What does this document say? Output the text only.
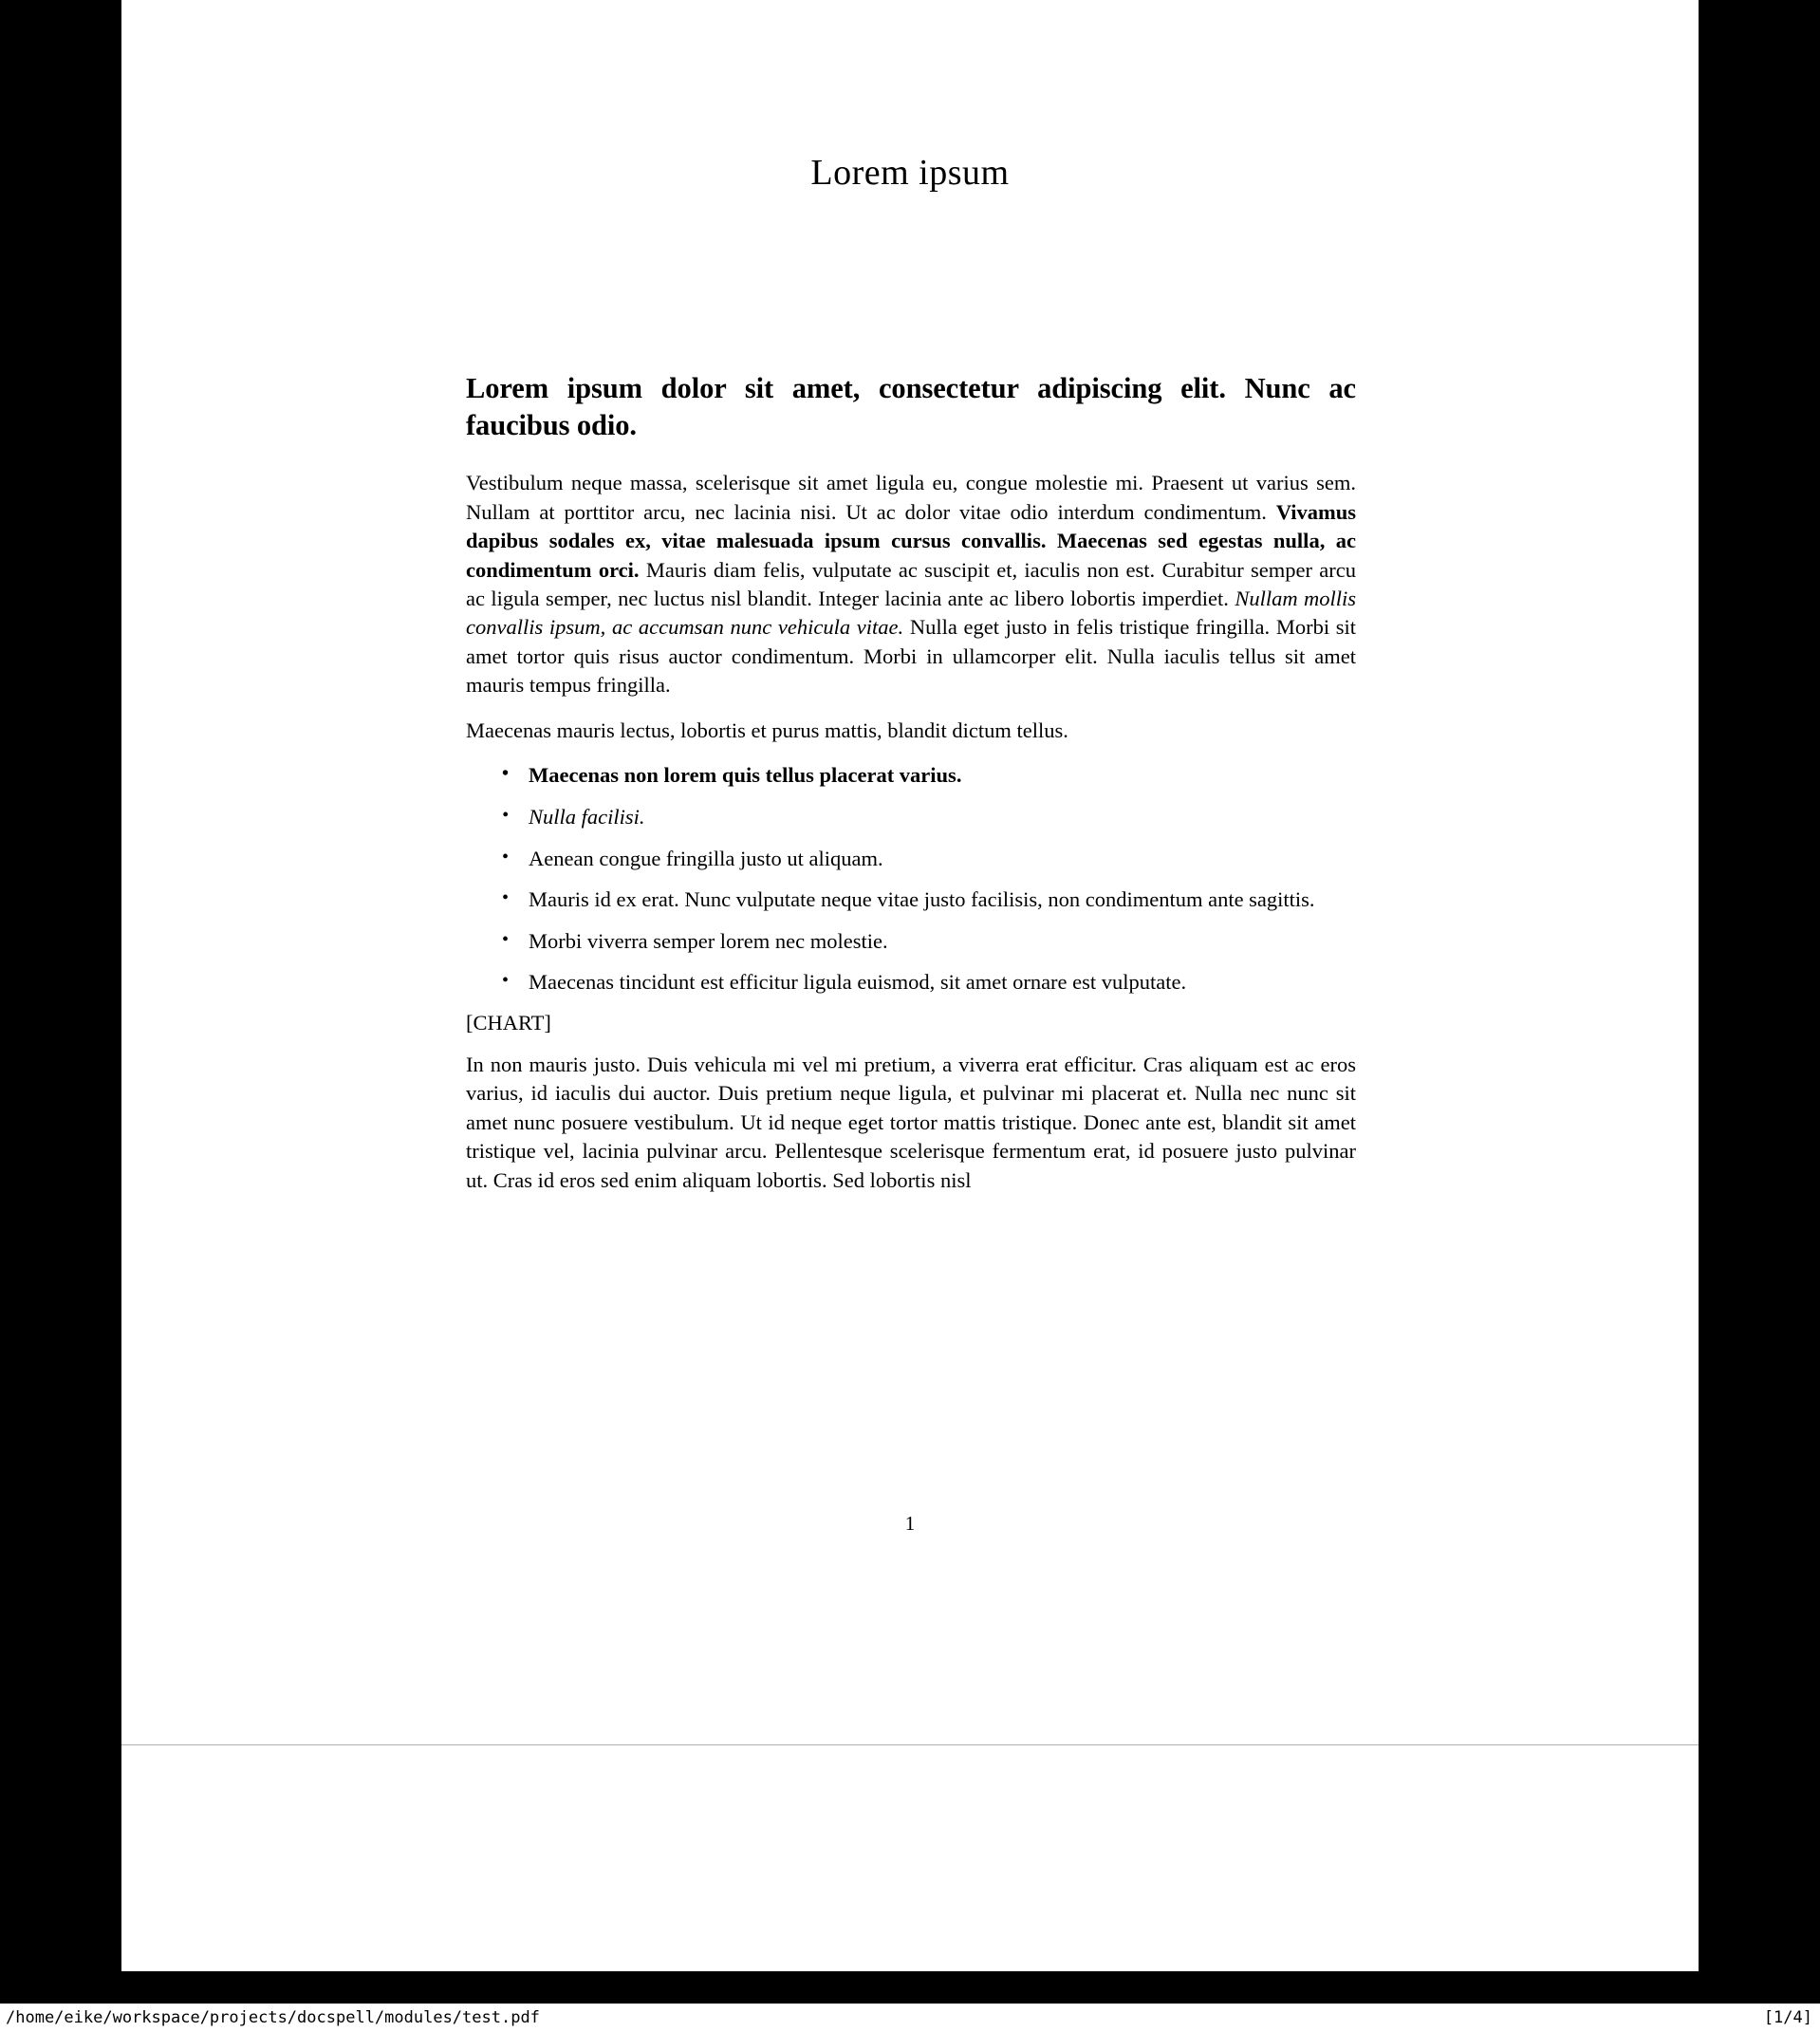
Lorem ipsum
Lorem ipsum dolor sit amet, consectetur adipiscing elit. Nunc ac faucibus odio.

Vestibulum neque massa, scelerisque sit amet ligula eu, congue molestie mi. Praesent ut varius sem. Nullam at porttitor arcu, nec lacinia nisi. Ut ac dolor vitae odio interdum condimentum. Vivamus dapibus sodales ex, vitae malesuada ipsum cursus convallis. Maecenas sed egestas nulla, ac condimentum orci. Mauris diam felis, vulputate ac suscipit et, iaculis non est. Curabitur semper arcu ac ligula semper, nec luctus nisl blandit. Integer lacinia ante ac libero lobortis imperdiet. Nullam mollis convallis ipsum, ac accumsan nunc vehicula vitae. Nulla eget justo in felis tristique fringilla. Morbi sit amet tortor quis risus auctor condimentum. Morbi in ullamcorper elit. Nulla iaculis tellus sit amet mauris tempus fringilla.

Maecenas mauris lectus, lobortis et purus mattis, blandit dictum tellus.

• Maecenas non lorem quis tellus placerat varius.
• Nulla facilisi.
• Aenean congue fringilla justo ut aliquam.
• Mauris id ex erat. Nunc vulputate neque vitae justo facilisis, non condimentum ante sagittis.
• Morbi viverra semper lorem nec molestie.
• Maecenas tincidunt est efficitur ligula euismod, sit amet ornare est vulputate.
[CHART]

In non mauris justo. Duis vehicula mi vel mi pretium, a viverra erat efficitur. Cras aliquam est ac eros varius, id iaculis dui auctor. Duis pretium neque ligula, et pulvinar mi placerat et. Nulla nec nunc sit amet nunc posuere vestibulum. Ut id neque eget tortor mattis tristique. Donec ante est, blandit sit amet tristique vel, lacinia pulvinar arcu. Pellentesque scelerisque fermentum erat, id posuere justo pulvinar ut. Cras id eros sed enim aliquam lobortis. Sed lobortis nisl

1
/home/eike/workspace/projects/docspell/modules/test.pdf	[1/4]
